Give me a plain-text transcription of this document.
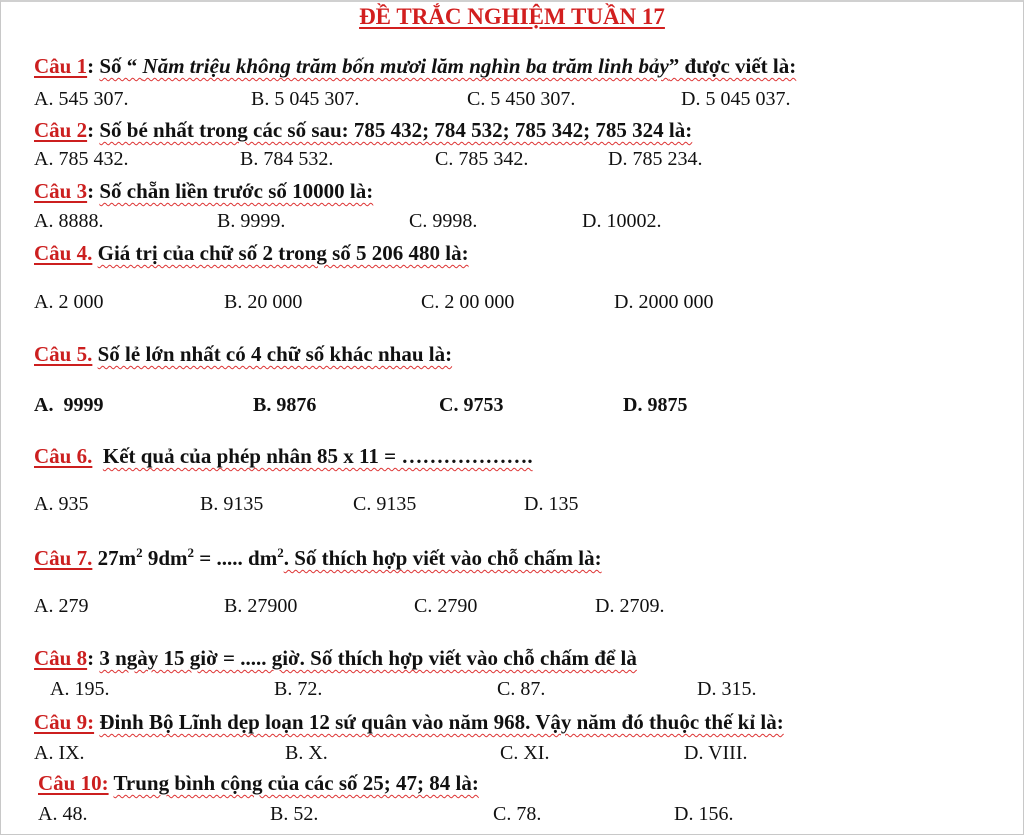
ĐỀ TRẮC NGHIỆM TUẦN 17
Câu 1: Số “ Năm triệu không trăm bốn mươi lăm nghìn ba trăm linh bảy” được viết là:
A. 545 307.	B. 5 045 307.	C. 5 450 307.	D. 5 045 037.
Câu 2: Số bé nhất trong các số sau: 785 432; 784 532; 785 342; 785 324 là:
A. 785 432.	B. 784 532.	C. 785 342.	D. 785 234.
Câu 3: Số chẵn liền trước số 10000 là:
A. 8888.	B. 9999.	C. 9998.	D. 10002.
Câu 4. Giá trị của chữ số 2 trong số 5 206 480 là:
A. 2 000	B. 20 000	C. 2 00 000	D. 2000 000
Câu 5. Số lẻ lớn nhất có 4 chữ số khác nhau là:
A.  9999	B. 9876	C. 9753	D. 9875
Câu 6. Kết quả của phép nhân 85 x 11 = ……………….
A. 935	B. 9135	C. 9135	D. 135
Câu 7. $27m^2$ $9dm^2$ = ..... $dm^2$. Số thích hợp viết vào chỗ chấm là:
A. 279	B. 27900	C. 2790	D. 2709.
Câu 8: 3 ngày 15 giờ = ..... giờ. Số thích hợp viết vào chỗ chấm để là
A. 195.	B. 72.	C. 87.	D. 315.
Câu 9: Đinh Bộ Lĩnh dẹp loạn 12 sứ quân vào năm 968. Vậy năm đó thuộc thế kỉ là:
A. IX.	B. X.	C. XI.	D. VIII.
Câu 10: Trung bình cộng của các số 25; 47; 84 là:
A. 48.	B. 52.	C. 78.	D. 156.
